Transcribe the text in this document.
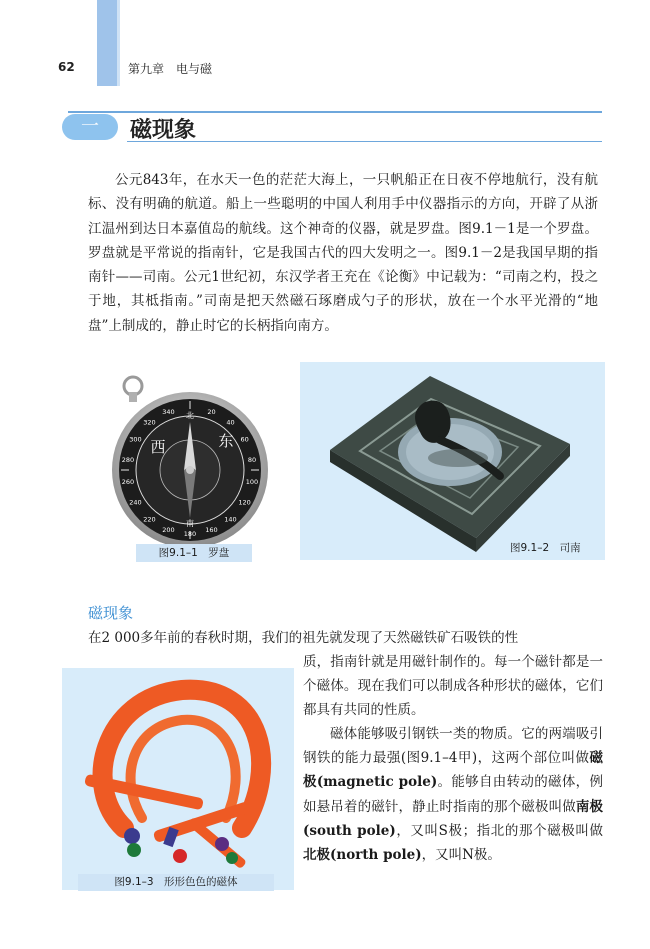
62	第九章　电与磁
一	磁现象

公元843年，在水天一色的茫茫大海上，一只帆船正在日夜不停地航行，没有航标、没有明确的航道。船上一些聪明的中国人利用手中仪器指示的方向，开辟了从浙江温州到达日本嘉值岛的航线。这个神奇的仪器，就是罗盘。图9.1－1是一个罗盘。罗盘就是平常说的指南针，它是我国古代的四大发明之一。图9.1－2是我国早期的指南针——司南。公元1世纪初，东汉学者王充在《论衡》中记载为：“司南之杓，投之于地，其柢指南。”司南是把天然磁石琢磨成勺子的形状，放在一个水平光滑的“地盘”上制成的，静止时它的长柄指向南方。

北
东
西
南
20
40
60
80
100
120
140
160
180
200
220
240
260
280
300
320
340
图9.1–1　罗盘	图9.1–2　司南
磁现象
在2 000多年前的春秋时期，我们的祖先就发现了天然磁铁矿石吸铁的性
图9.1–3　形形色色的磁体

质，指南针就是用磁针制作的。每一个磁针都是一个磁体。现在我们可以制成各种形状的磁体，它们都具有共同的性质。

磁体能够吸引钢铁一类的物质。它的两端吸引钢铁的能力最强(图9.1–4甲)，这两个部位叫做磁极(magnetic pole)。能够自由转动的磁体，例如悬吊着的磁针，静止时指南的那个磁极叫做南极(south pole)，又叫S极；指北的那个磁极叫做北极(north pole)，又叫N极。
